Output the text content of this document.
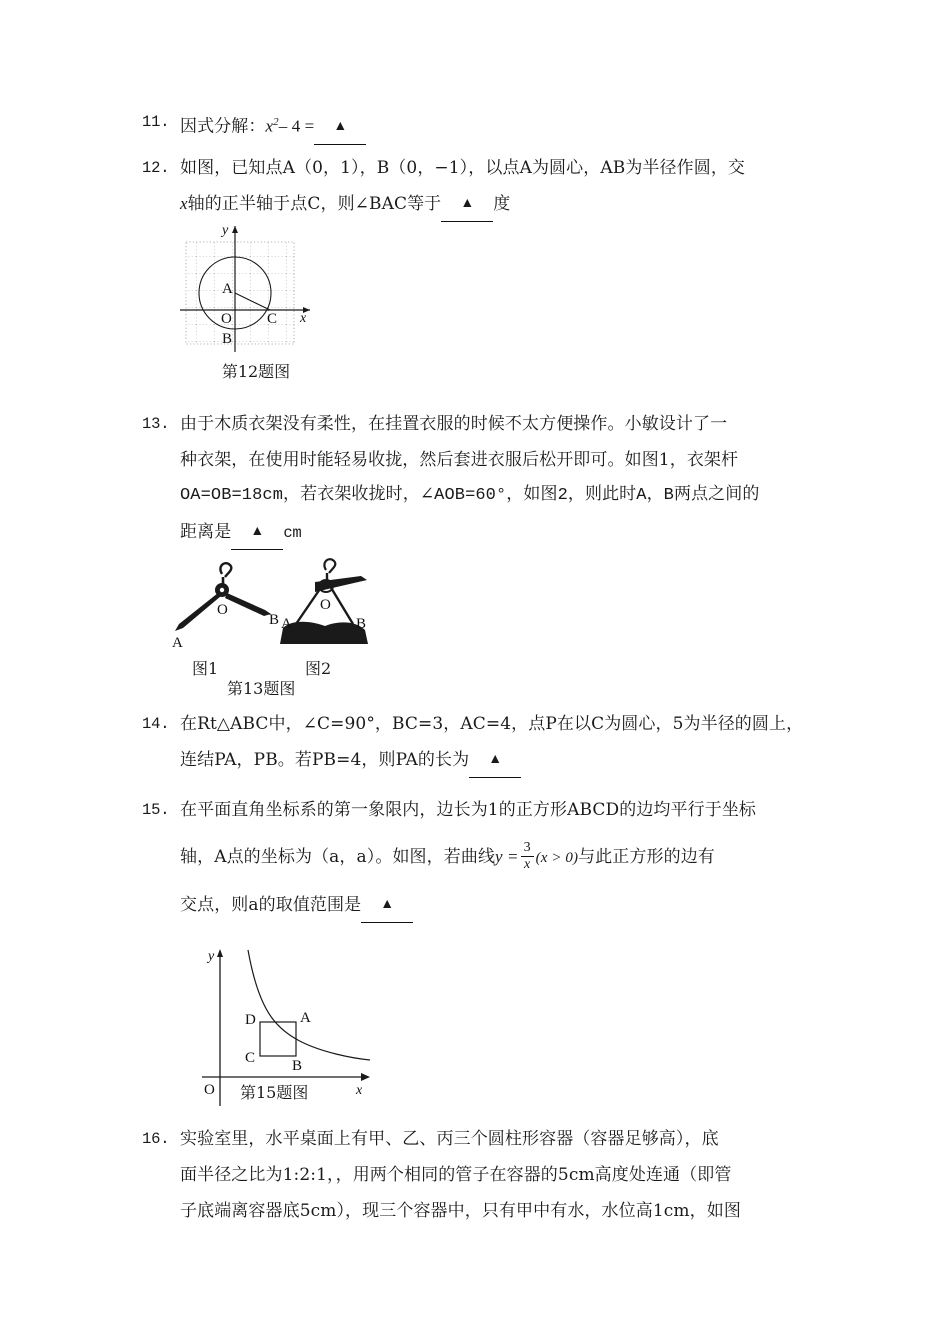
11. 因式分解：$x^2-$ 4 = ▲
12. 如图，已知点A（0，1），B（0，−1），以点A为圆心，AB为半径作圆，交
x轴的正半轴于点C，则∠BAC等于 ▲ 度
y
x
A
O
B
C
第12题图
13. 由于木质衣架没有柔性，在挂置衣服的时候不太方便操作。小敏设计了一
种衣架，在使用时能轻易收拢，然后套进衣服后松开即可。如图1，衣架杆
OA=OB=18cm，若衣架收拢时，∠AOB=60°，如图2，则此时A，B两点之间的
距离是 ▲ cm
O
A
B
O
A	B
图1	图2
第13题图
14. 在Rt△ABC中，∠C=90°，BC=3，AC=4，点P在以C为圆心，5为半径的圆上，
连结PA，PB。若PB=4，则PA的长为 ▲
15. 在平面直角坐标系的第一象限内，边长为1的正方形ABCD的边均平行于坐标
轴，A点的坐标为（a，a）。如图，若曲线$y = \frac{3}{x} (x > 0)$与此正方形的边有
交点，则a的取值范围是 ▲
y
x
O
D	A
C B
第15题图
16. 实验室里，水平桌面上有甲、乙、丙三个圆柱形容器（容器足够高），底
面半径之比为1:2:1，，用两个相同的管子在容器的5cm高度处连通（即管
子底端离容器底5cm），现三个容器中，只有甲中有水，水位高1cm，如图
